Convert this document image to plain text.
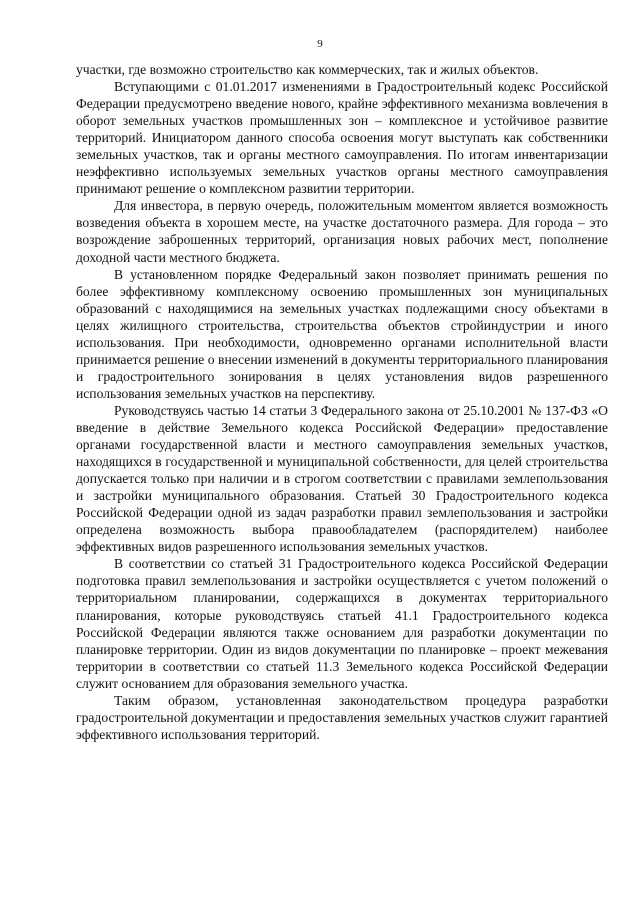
9

участки, где возможно строительство как коммерческих, так и жилых объектов.

Вступающими с 01.01.2017 изменениями в Градостроительный кодекс Российской Федерации предусмотрено введение нового, крайне эффективного механизма вовлечения в оборот земельных участков промышленных зон – комплексное и устойчивое развитие территорий. Инициатором данного способа освоения могут выступать как собственники земельных участков, так и органы местного самоуправления. По итогам инвентаризации неэффективно используемых земельных участков органы местного самоуправления принимают решение о комплексном развитии территории.

Для инвестора, в первую очередь, положительным моментом является возможность возведения объекта в хорошем месте, на участке достаточного размера. Для города – это возрождение заброшенных территорий, организация новых рабочих мест, пополнение доходной части местного бюджета.

В установленном порядке Федеральный закон позволяет принимать решения по более эффективному комплексному освоению промышленных зон муниципальных образований с находящимися на земельных участках подлежащими сносу объектами в целях жилищного строительства, строительства объектов стройиндустрии и иного использования. При необходимости, одновременно органами исполнительной власти принимается решение о внесении изменений в документы территориального планирования и градостроительного зонирования в целях установления видов разрешенного использования земельных участков на перспективу.

Руководствуясь частью 14 статьи 3 Федерального закона от 25.10.2001 № 137-ФЗ «О введение в действие Земельного кодекса Российской Федерации» предоставление органами государственной власти и местного самоуправления земельных участков, находящихся в государственной и муниципальной собственности, для целей строительства допускается только при наличии и в строгом соответствии с правилами землепользования и застройки муниципального образования. Статьей 30 Градостроительного кодекса Российской Федерации одной из задач разработки правил землепользования и застройки определена возможность выбора правообладателем (распорядителем) наиболее эффективных видов разрешенного использования земельных участков.

В соответствии со статьей 31 Градостроительного кодекса Российской Федерации подготовка правил землепользования и застройки осуществляется с учетом положений о территориальном планировании, содержащихся в документах территориального планирования, которые руководствуясь статьей 41.1 Градостроительного кодекса Российской Федерации являются также основанием для разработки документации по планировке территории. Один из видов документации по планировке – проект межевания территории в соответствии со статьей 11.3 Земельного кодекса Российской Федерации служит основанием для образования земельного участка.

Таким образом, установленная законодательством процедура разработки градостроительной документации и предоставления земельных участков служит гарантией эффективного использования территорий.
